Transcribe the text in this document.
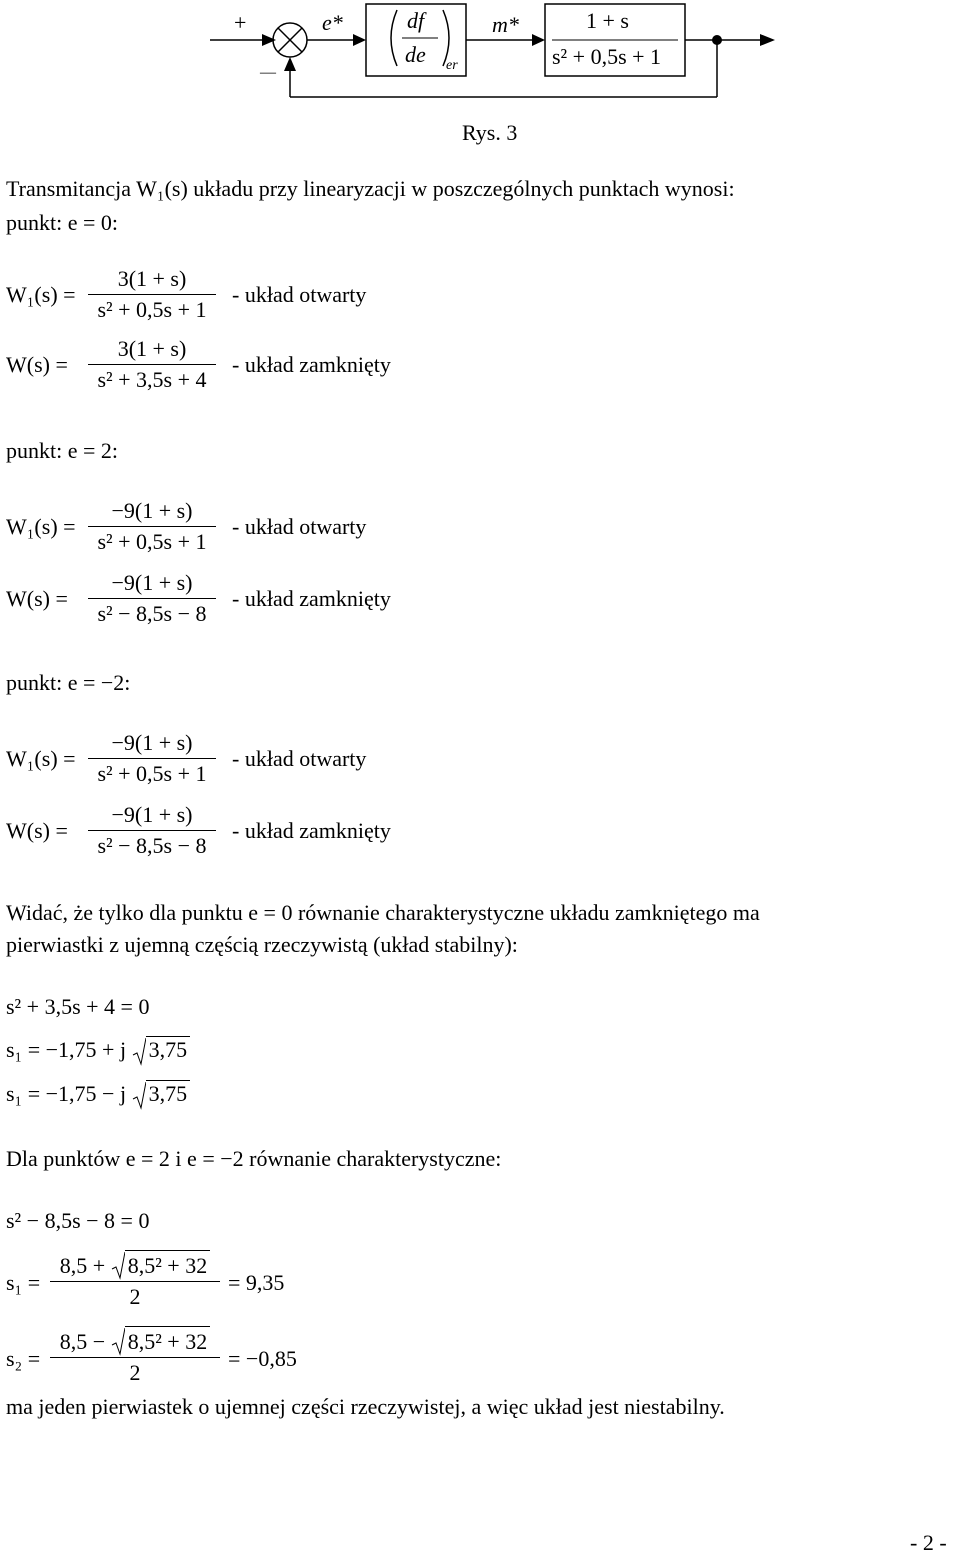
+
—
e*	df
de er
m*	1 + s
s² + 0,5s + 1
Rys. 3
Transmitancja W₁(s) układu przy linearyzacji w poszczególnych punktach wynosi:
punkt: e = 0:
W₁(s) =
3(1 + s)
s² + 0,5s + 1
- układ otwarty
W(s) =
3(1 + s)
s² + 3,5s + 4
- układ zamknięty
punkt: e = 2:
W₁(s) =
−9(1 + s)
s² + 0,5s + 1
- układ otwarty
W(s) =
−9(1 + s)
s² − 8,5s − 8
- układ zamknięty
punkt: e = −2:
W₁(s) =
−9(1 + s)
s² + 0,5s + 1
- układ otwarty
W(s) =
−9(1 + s)
s² − 8,5s − 8
- układ zamknięty
Widać, że tylko dla punktu e = 0 równanie charakterystyczne układu zamkniętego ma
pierwiastki z ujemną częścią rzeczywistą (układ stabilny):
s² + 3,5s + 4 = 0
s₁ = −1,75 + j 3,75
s₁ = −1,75 − j 3,75
Dla punktów e = 2 i e = −2 równanie charakterystyczne:
s² − 8,5s − 8 = 0
s₁ =
8,5 + 8,5² + 32
2
= 9,35
s₂ =
8,5 − 8,5² + 32
2
= −0,85
ma jeden pierwiastek o ujemnej części rzeczywistej, a więc układ jest niestabilny.
- 2 -
